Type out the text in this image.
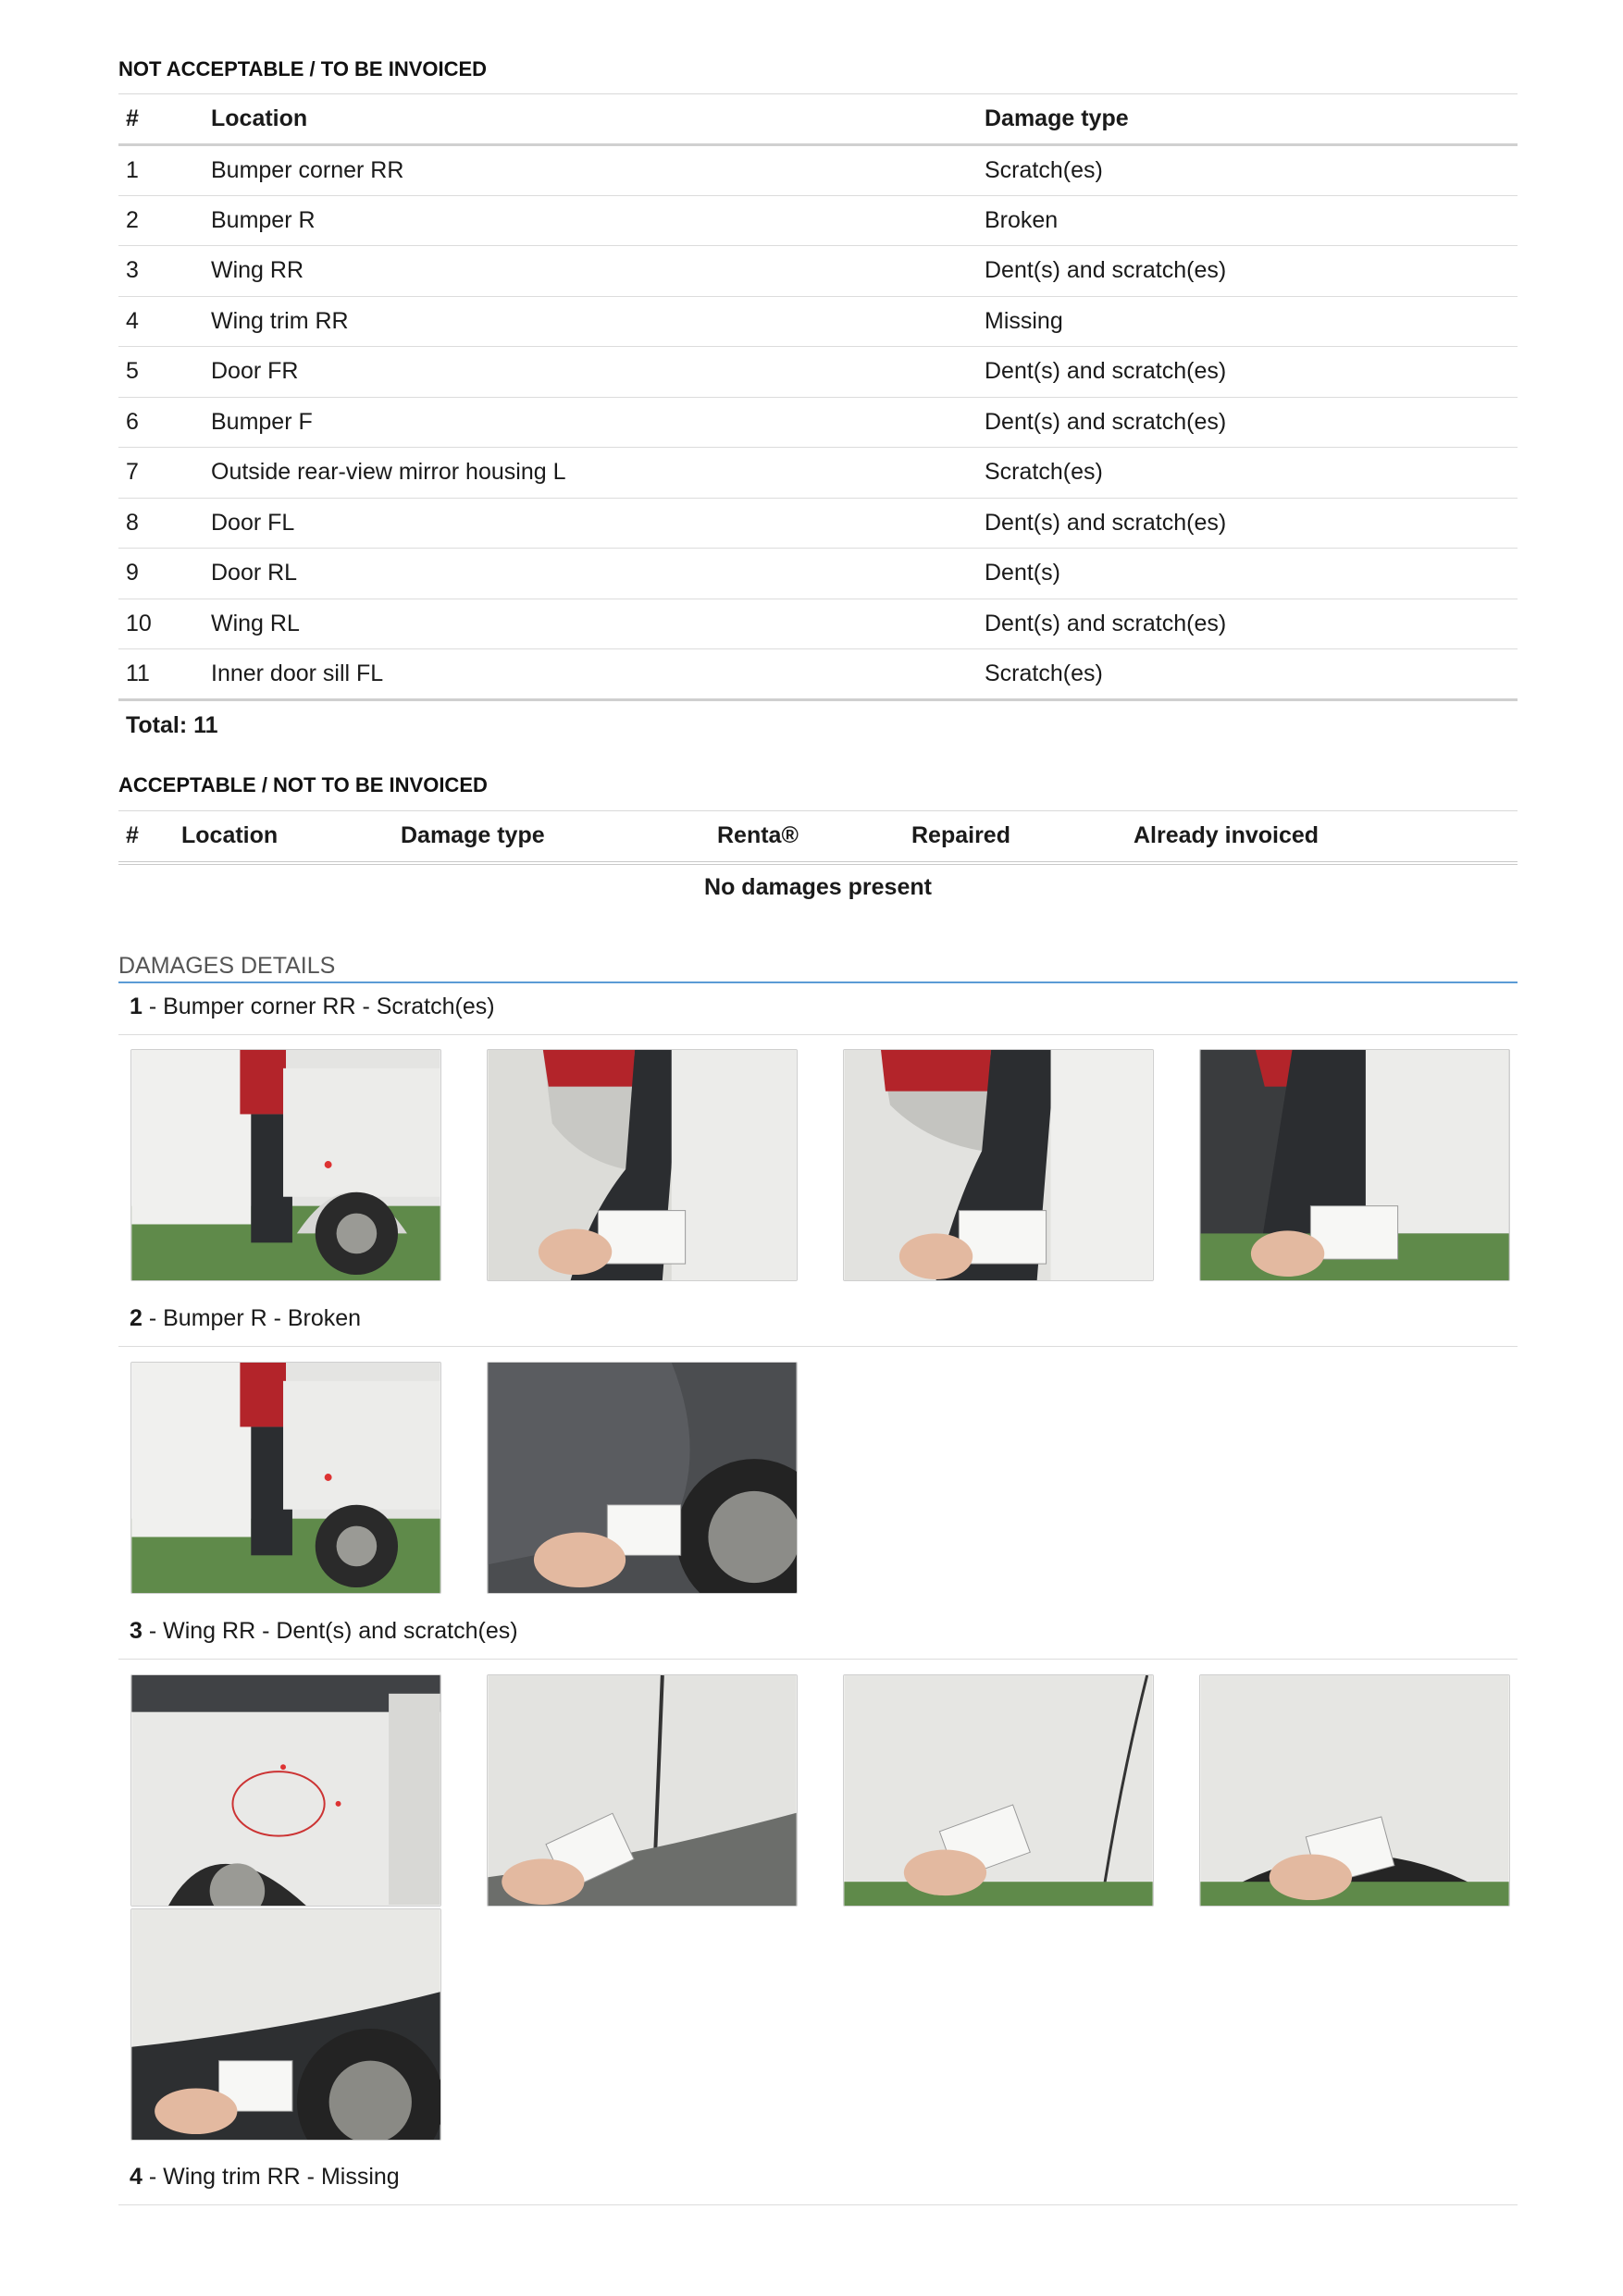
NOT ACCEPTABLE / TO BE INVOICED
#	Location	Damage type
1	Bumper corner RR	Scratch(es)
2	Bumper R	Broken
3	Wing RR	Dent(s) and scratch(es)
4	Wing trim RR	Missing
5	Door FR	Dent(s) and scratch(es)
6	Bumper F	Dent(s) and scratch(es)
7	Outside rear-view mirror housing L	Scratch(es)
8	Door FL	Dent(s) and scratch(es)
9	Door RL	Dent(s)
10	Wing RL	Dent(s) and scratch(es)
11	Inner door sill FL	Scratch(es)
Total: 11
ACCEPTABLE / NOT TO BE INVOICED
#	Location	Damage type	Renta®	Repaired	Already invoiced
No damages present
DAMAGES DETAILS
1 - Bumper corner RR - Scratch(es)
2 - Bumper R - Broken
3 - Wing RR - Dent(s) and scratch(es)
4 - Wing trim RR - Missing
